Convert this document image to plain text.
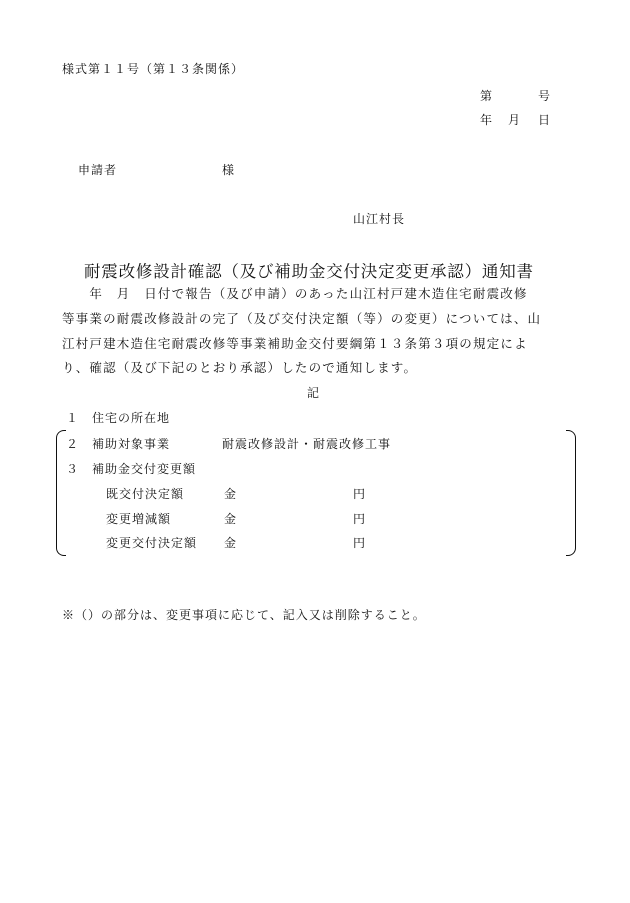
様式第１１号（第１３条関係）
第	号
年 月 日
申請者	様
山江村長
耐震改修設計確認（及び補助金交付決定変更承認）通知書
　　年　月　日付で報告（及び申請）のあった山江村戸建木造住宅耐震改修
等事業の耐震改修設計の完了（及び交付決定額（等）の変更）については、山
江村戸建木造住宅耐震改修等事業補助金交付要綱第１３条第３項の規定によ
り、確認（及び下記のとおり承認）したので通知します。
記
１ 住宅の所在地
２ 補助対象事業	耐震改修設計・耐震改修工事
３ 補助金交付変更額
既交付決定額	金	円
変更増減額	金	円
変更交付決定額 金	円
※（）の部分は、変更事項に応じて、記入又は削除すること。
